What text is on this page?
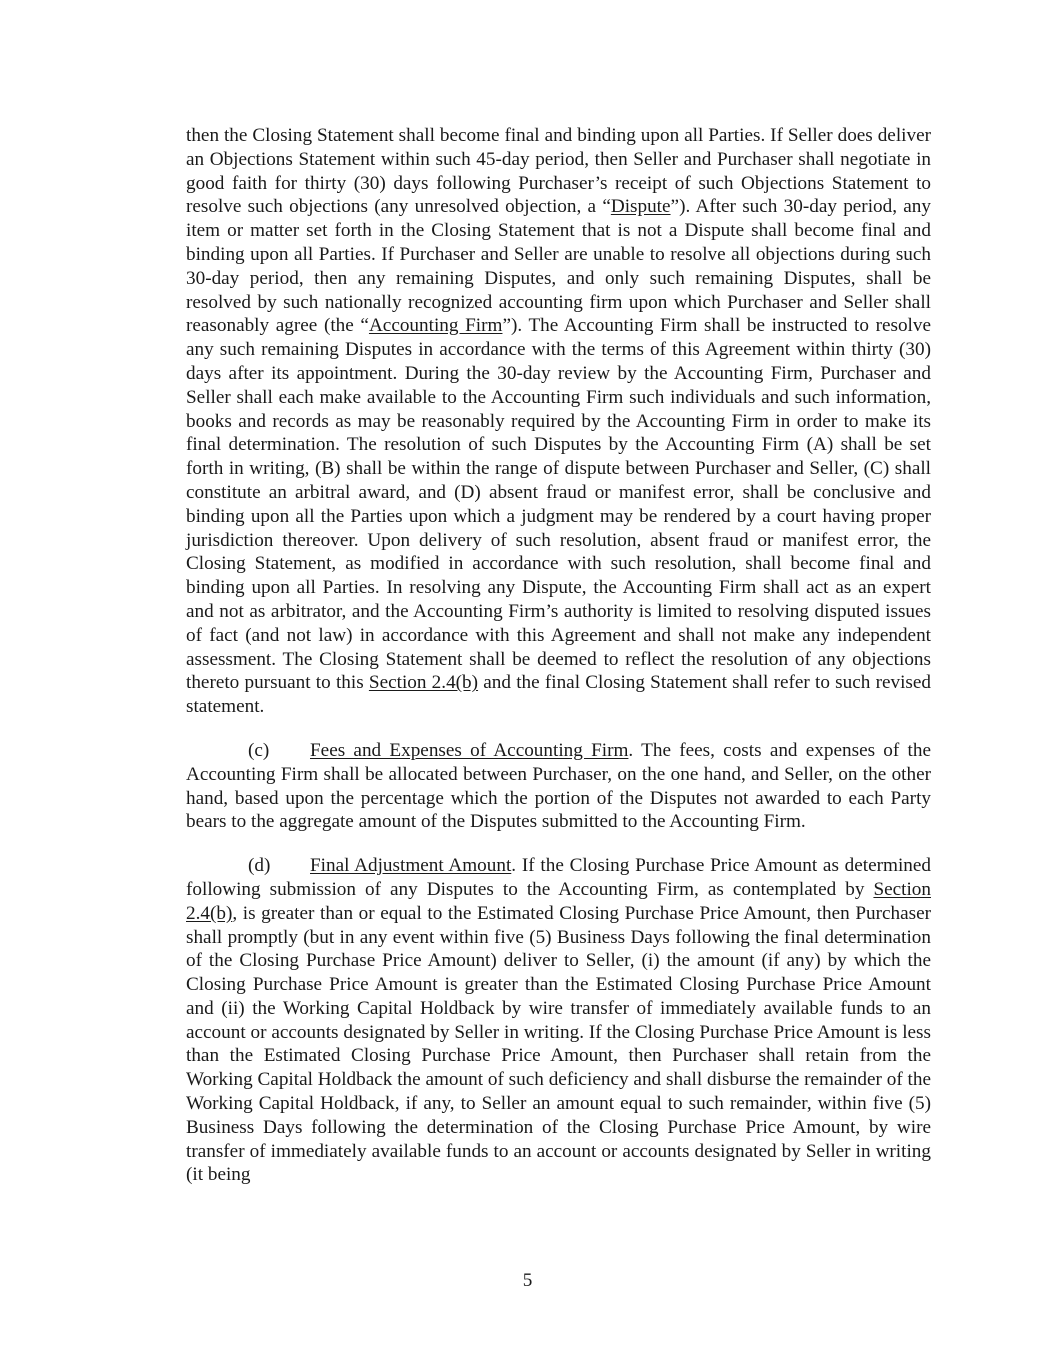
then the Closing Statement shall become final and binding upon all Parties. If Seller does deliver an Objections Statement within such 45-day period, then Seller and Purchaser shall negotiate in good faith for thirty (30) days following Purchaser’s receipt of such Objections Statement to resolve such objections (any unresolved objection, a “Dispute”). After such 30-day period, any item or matter set forth in the Closing Statement that is not a Dispute shall become final and binding upon all Parties. If Purchaser and Seller are unable to resolve all objections during such 30-day period, then any remaining Disputes, and only such remaining Disputes, shall be resolved by such nationally recognized accounting firm upon which Purchaser and Seller shall reasonably agree (the “Accounting Firm”). The Accounting Firm shall be instructed to resolve any such remaining Disputes in accordance with the terms of this Agreement within thirty (30) days after its appointment. During the 30-day review by the Accounting Firm, Purchaser and Seller shall each make available to the Accounting Firm such individuals and such information, books and records as may be reasonably required by the Accounting Firm in order to make its final determination. The resolution of such Disputes by the Accounting Firm (A) shall be set forth in writing, (B) shall be within the range of dispute between Purchaser and Seller, (C) shall constitute an arbitral award, and (D) absent fraud or manifest error, shall be conclusive and binding upon all the Parties upon which a judgment may be rendered by a court having proper jurisdiction thereover. Upon delivery of such resolution, absent fraud or manifest error, the Closing Statement, as modified in accordance with such resolution, shall become final and binding upon all Parties. In resolving any Dispute, the Accounting Firm shall act as an expert and not as arbitrator, and the Accounting Firm’s authority is limited to resolving disputed issues of fact (and not law) in accordance with this Agreement and shall not make any independent assessment. The Closing Statement shall be deemed to reflect the resolution of any objections thereto pursuant to this Section 2.4(b) and the final Closing Statement shall refer to such revised statement.

(c) Fees and Expenses of Accounting Firm. The fees, costs and expenses of the Accounting Firm shall be allocated between Purchaser, on the one hand, and Seller, on the other hand, based upon the percentage which the portion of the Disputes not awarded to each Party bears to the aggregate amount of the Disputes submitted to the Accounting Firm.

(d) Final Adjustment Amount. If the Closing Purchase Price Amount as determined following submission of any Disputes to the Accounting Firm, as contemplated by Section 2.4(b), is greater than or equal to the Estimated Closing Purchase Price Amount, then Purchaser shall promptly (but in any event within five (5) Business Days following the final determination of the Closing Purchase Price Amount) deliver to Seller, (i) the amount (if any) by which the Closing Purchase Price Amount is greater than the Estimated Closing Purchase Price Amount and (ii) the Working Capital Holdback by wire transfer of immediately available funds to an account or accounts designated by Seller in writing. If the Closing Purchase Price Amount is less than the Estimated Closing Purchase Price Amount, then Purchaser shall retain from the Working Capital Holdback the amount of such deficiency and shall disburse the remainder of the Working Capital Holdback, if any, to Seller an amount equal to such remainder, within five (5) Business Days following the determination of the Closing Purchase Price Amount, by wire transfer of immediately available funds to an account or accounts designated by Seller in writing (it being

5
